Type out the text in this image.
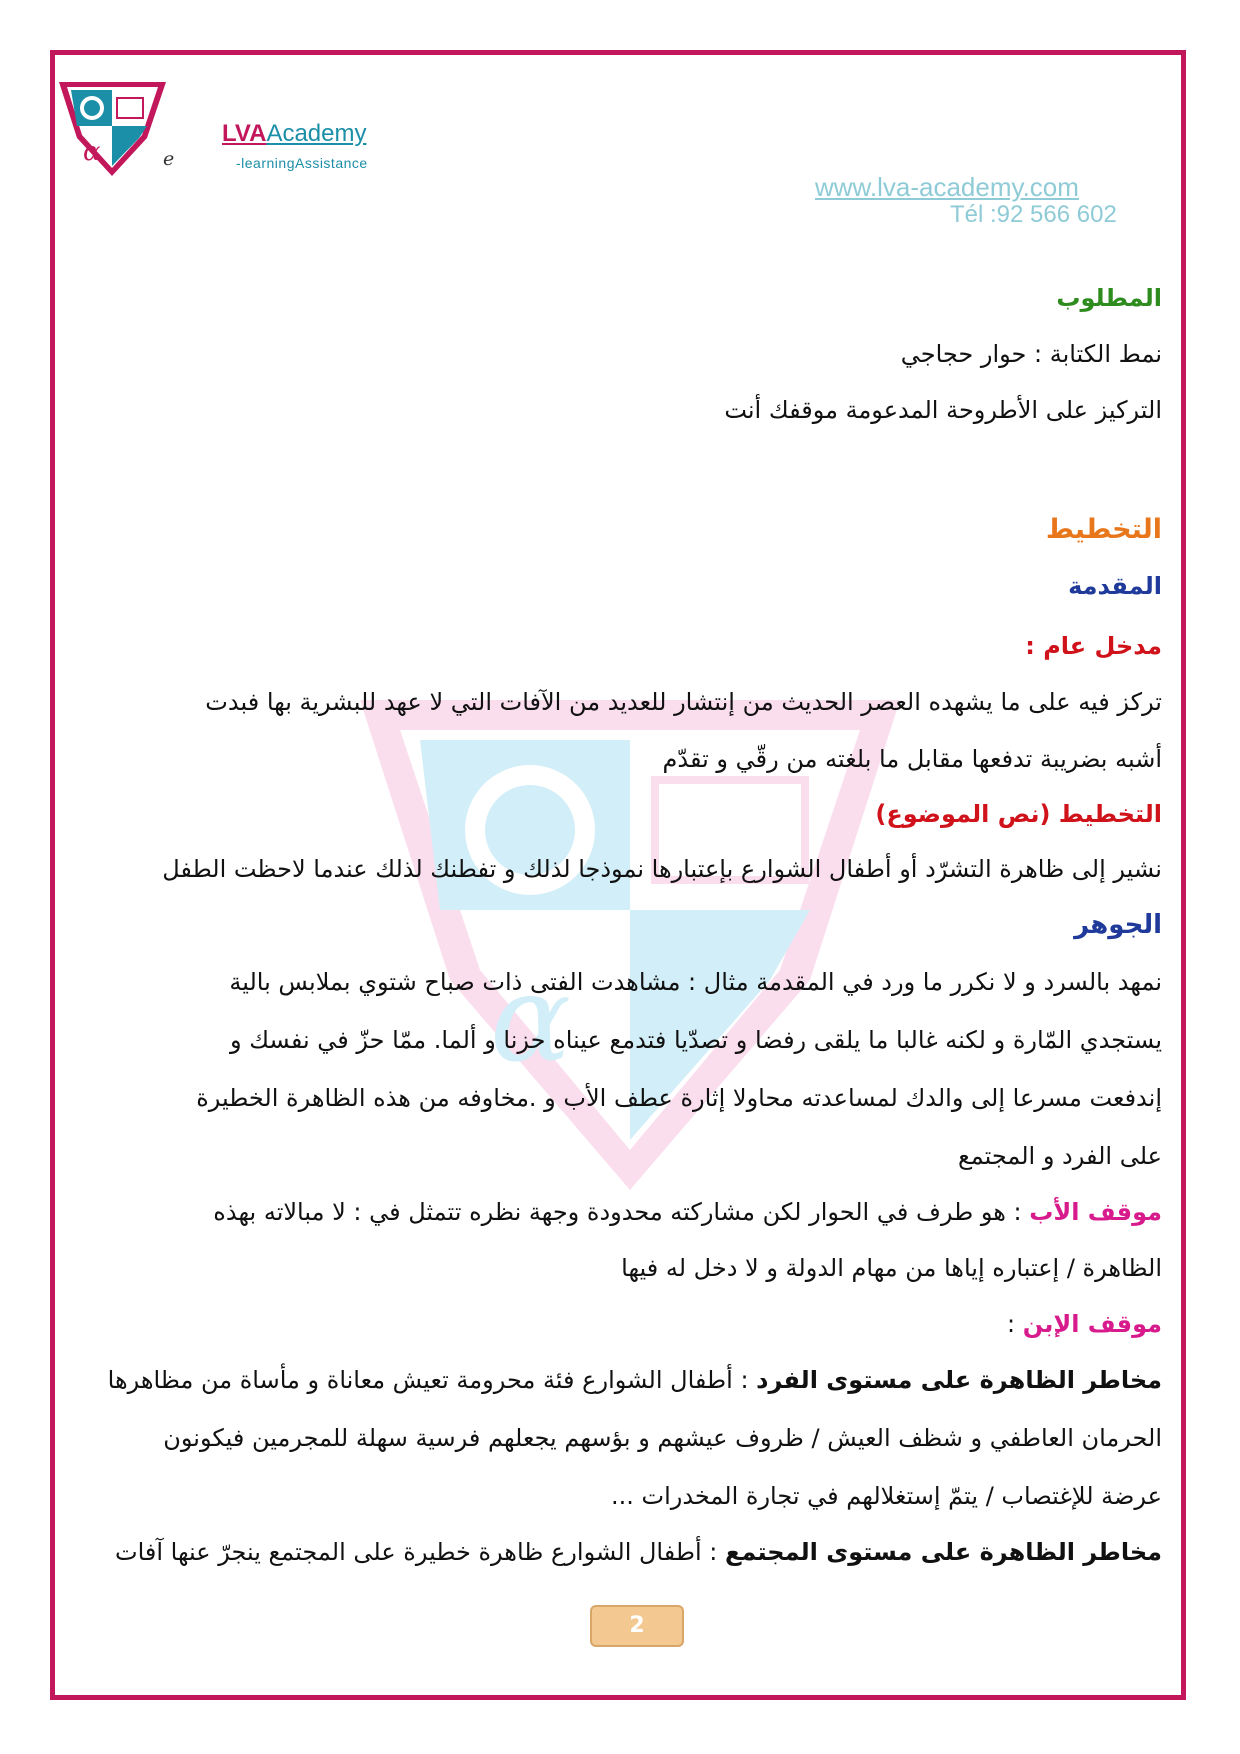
α
α	e
LVAAcademy
-learningAssistance
www.lva-academy.com
Tél :92 566 602
المطلوب
نمط الكتابة : حوار حجاجي
التركيز على الأطروحة المدعومة موقفك أنت
التخطيط
المقدمة
مدخل عام :
تركز فيه على ما يشهده العصر الحديث من إنتشار للعديد من الآفات التي لا عهد للبشرية بها فبدت
أشبه بضريبة تدفعها مقابل ما بلغته من رقّي و تقدّم
التخطيط (نص الموضوع)
نشير إلى ظاهرة التشرّد أو أطفال الشوارع بإعتبارها نموذجا لذلك و تفطنك لذلك عندما لاحظت الطفل
الجوهر
نمهد بالسرد و لا نكرر ما ورد في المقدمة مثال : مشاهدت الفتى ذات صباح شتوي بملابس بالية
يستجدي المّارة و لكنه غالبا ما يلقى رفضا و تصدّيا فتدمع عيناه حزنا و ألما. ممّا حزّ في نفسك و
إندفعت مسرعا إلى والدك لمساعدته محاولا إثارة عطف الأب و .مخاوفه من هذه الظاهرة الخطيرة
على الفرد و المجتمع
موقف الأب : هو طرف في الحوار لكن مشاركته محدودة وجهة نظره تتمثل في : لا مبالاته بهذه
الظاهرة / إعتباره إياها من مهام الدولة و لا دخل له فيها
موقف الإبن :
مخاطر الظاهرة على مستوى الفرد : أطفال الشوارع فئة محرومة تعيش معاناة و مأساة من مظاهرها
الحرمان العاطفي و شظف العيش / ظروف عيشهم و بؤسهم يجعلهم فرسية سهلة للمجرمين فيكونون
عرضة للإغتصاب / يتمّ إستغلالهم في تجارة المخدرات ...
مخاطر الظاهرة على مستوى المجتمع : أطفال الشوارع ظاهرة خطيرة على المجتمع ينجرّ عنها آفات
2
